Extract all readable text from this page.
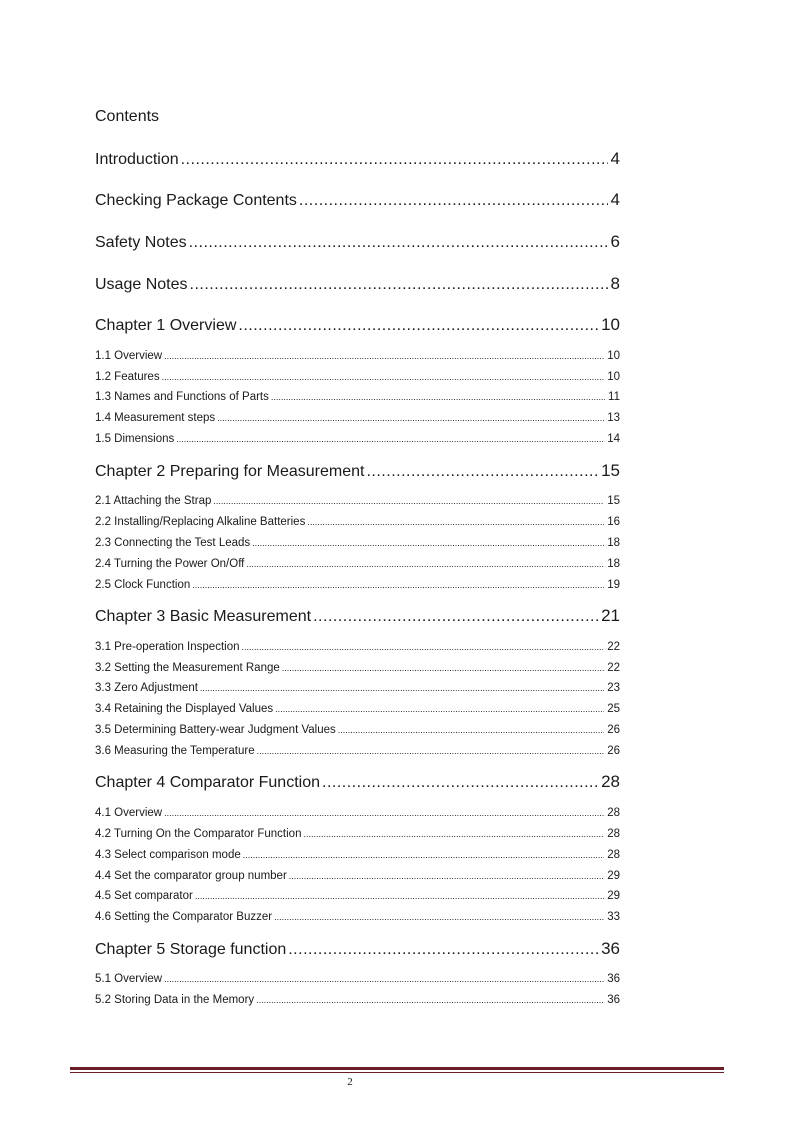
Contents
Introduction .....	4
Checking Package Contents .....	4
Safety Notes .....	6
Usage Notes .....	8
Chapter 1 Overview .....	10
1.1 Overview .....	10
1.2 Features .....	10
1.3 Names and Functions of Parts .....	11
1.4 Measurement steps .....	13
1.5 Dimensions .....	14
Chapter 2 Preparing for Measurement .....	15
2.1 Attaching the Strap .....	15
2.2 Installing/Replacing Alkaline Batteries .....	16
2.3 Connecting the Test Leads .....	18
2.4 Turning the Power On/Off .....	18
2.5 Clock Function .....	19
Chapter 3 Basic Measurement .....	21
3.1 Pre-operation Inspection .....	22
3.2 Setting the Measurement Range .....	22
3.3 Zero Adjustment .....	23
3.4 Retaining the Displayed Values .....	25
3.5 Determining Battery-wear Judgment Values .....	26
3.6 Measuring the Temperature .....	26
Chapter 4 Comparator Function .....	28
4.1 Overview .....	28
4.2 Turning On the Comparator Function .....	28
4.3 Select comparison mode .....	28
4.4 Set the comparator group number .....	29
4.5 Set comparator .....	29
4.6 Setting the Comparator Buzzer .....	33
Chapter 5 Storage function .....	36
5.1 Overview .....	36
5.2 Storing Data in the Memory .....	36
2
